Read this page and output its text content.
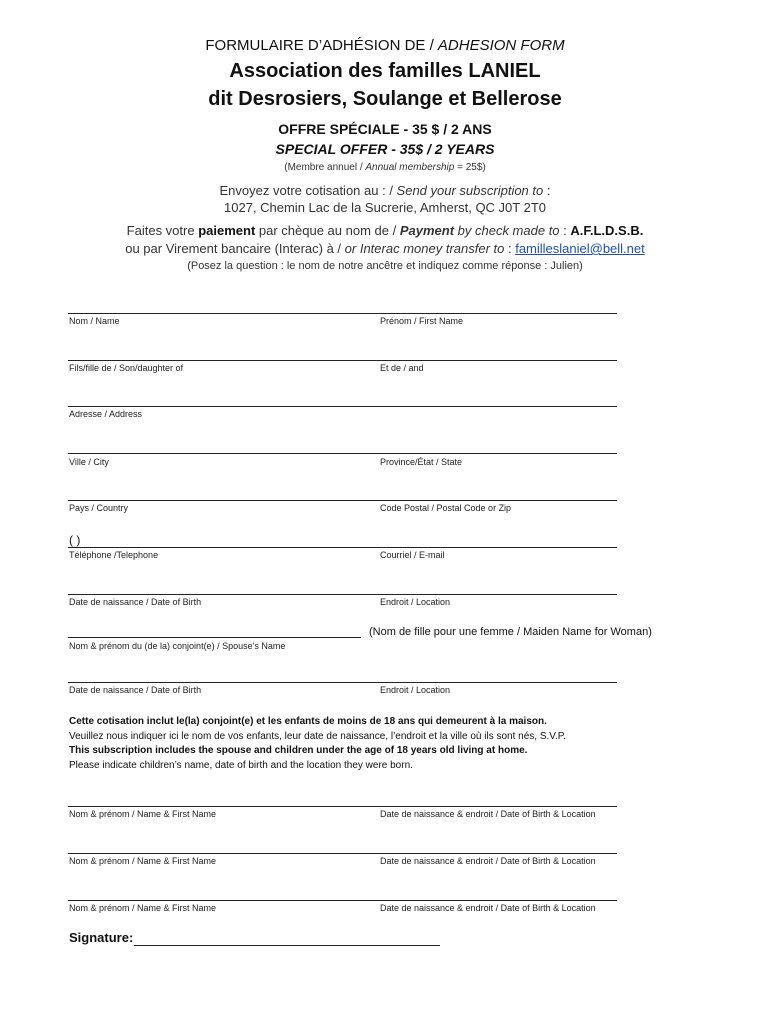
FORMULAIRE D’ADHÉSION DE / ADHESION FORM
Association des familles LANIEL
dit Desrosiers, Soulange et Bellerose
OFFRE SPÉCIALE - 35 $ / 2 ANS
SPECIAL OFFER - 35$ / 2 YEARS
(Membre annuel / Annual membership = 25$)
Envoyez votre cotisation au : / Send your subscription to :
1027, Chemin Lac de la Sucrerie, Amherst, QC J0T 2T0
Faites votre paiement par chèque au nom de / Payment by check made to : A.F.L.D.S.B.
ou par Virement bancaire (Interac) à / or Interac money transfer to : familleslaniel@bell.net
(Posez la question : le nom de notre ancêtre et indiquez comme réponse : Julien)
Nom / Name	Prénom / First Name
Fils/fille de / Son/daughter of	Et de / and
Adresse / Address
Ville / City	Province/État / State
Pays / Country	Code Postal / Postal Code or Zip
( )
Téléphone /Telephone	Courriel / E-mail
Date de naissance / Date of Birth	Endroit / Location
(Nom de fille pour une femme / Maiden Name for Woman)
Nom & prénom du (de la) conjoint(e) / Spouse’s Name
Date de naissance / Date of Birth	Endroit / Location
Cette cotisation inclut le(la) conjoint(e) et les enfants de moins de 18 ans qui demeurent à la maison.
Veuillez nous indiquer ici le nom de vos enfants, leur date de naissance, l’endroit et la ville où ils sont nés, S.V.P.
This subscription includes the spouse and children under the age of 18 years old living at home.
Please indicate children’s name, date of birth and the location they were born.
Nom & prénom / Name & First Name	Date de naissance & endroit / Date of Birth & Location
Nom & prénom / Name & First Name	Date de naissance & endroit / Date of Birth & Location
Nom & prénom / Name & First Name	Date de naissance & endroit / Date of Birth & Location
Signature:
